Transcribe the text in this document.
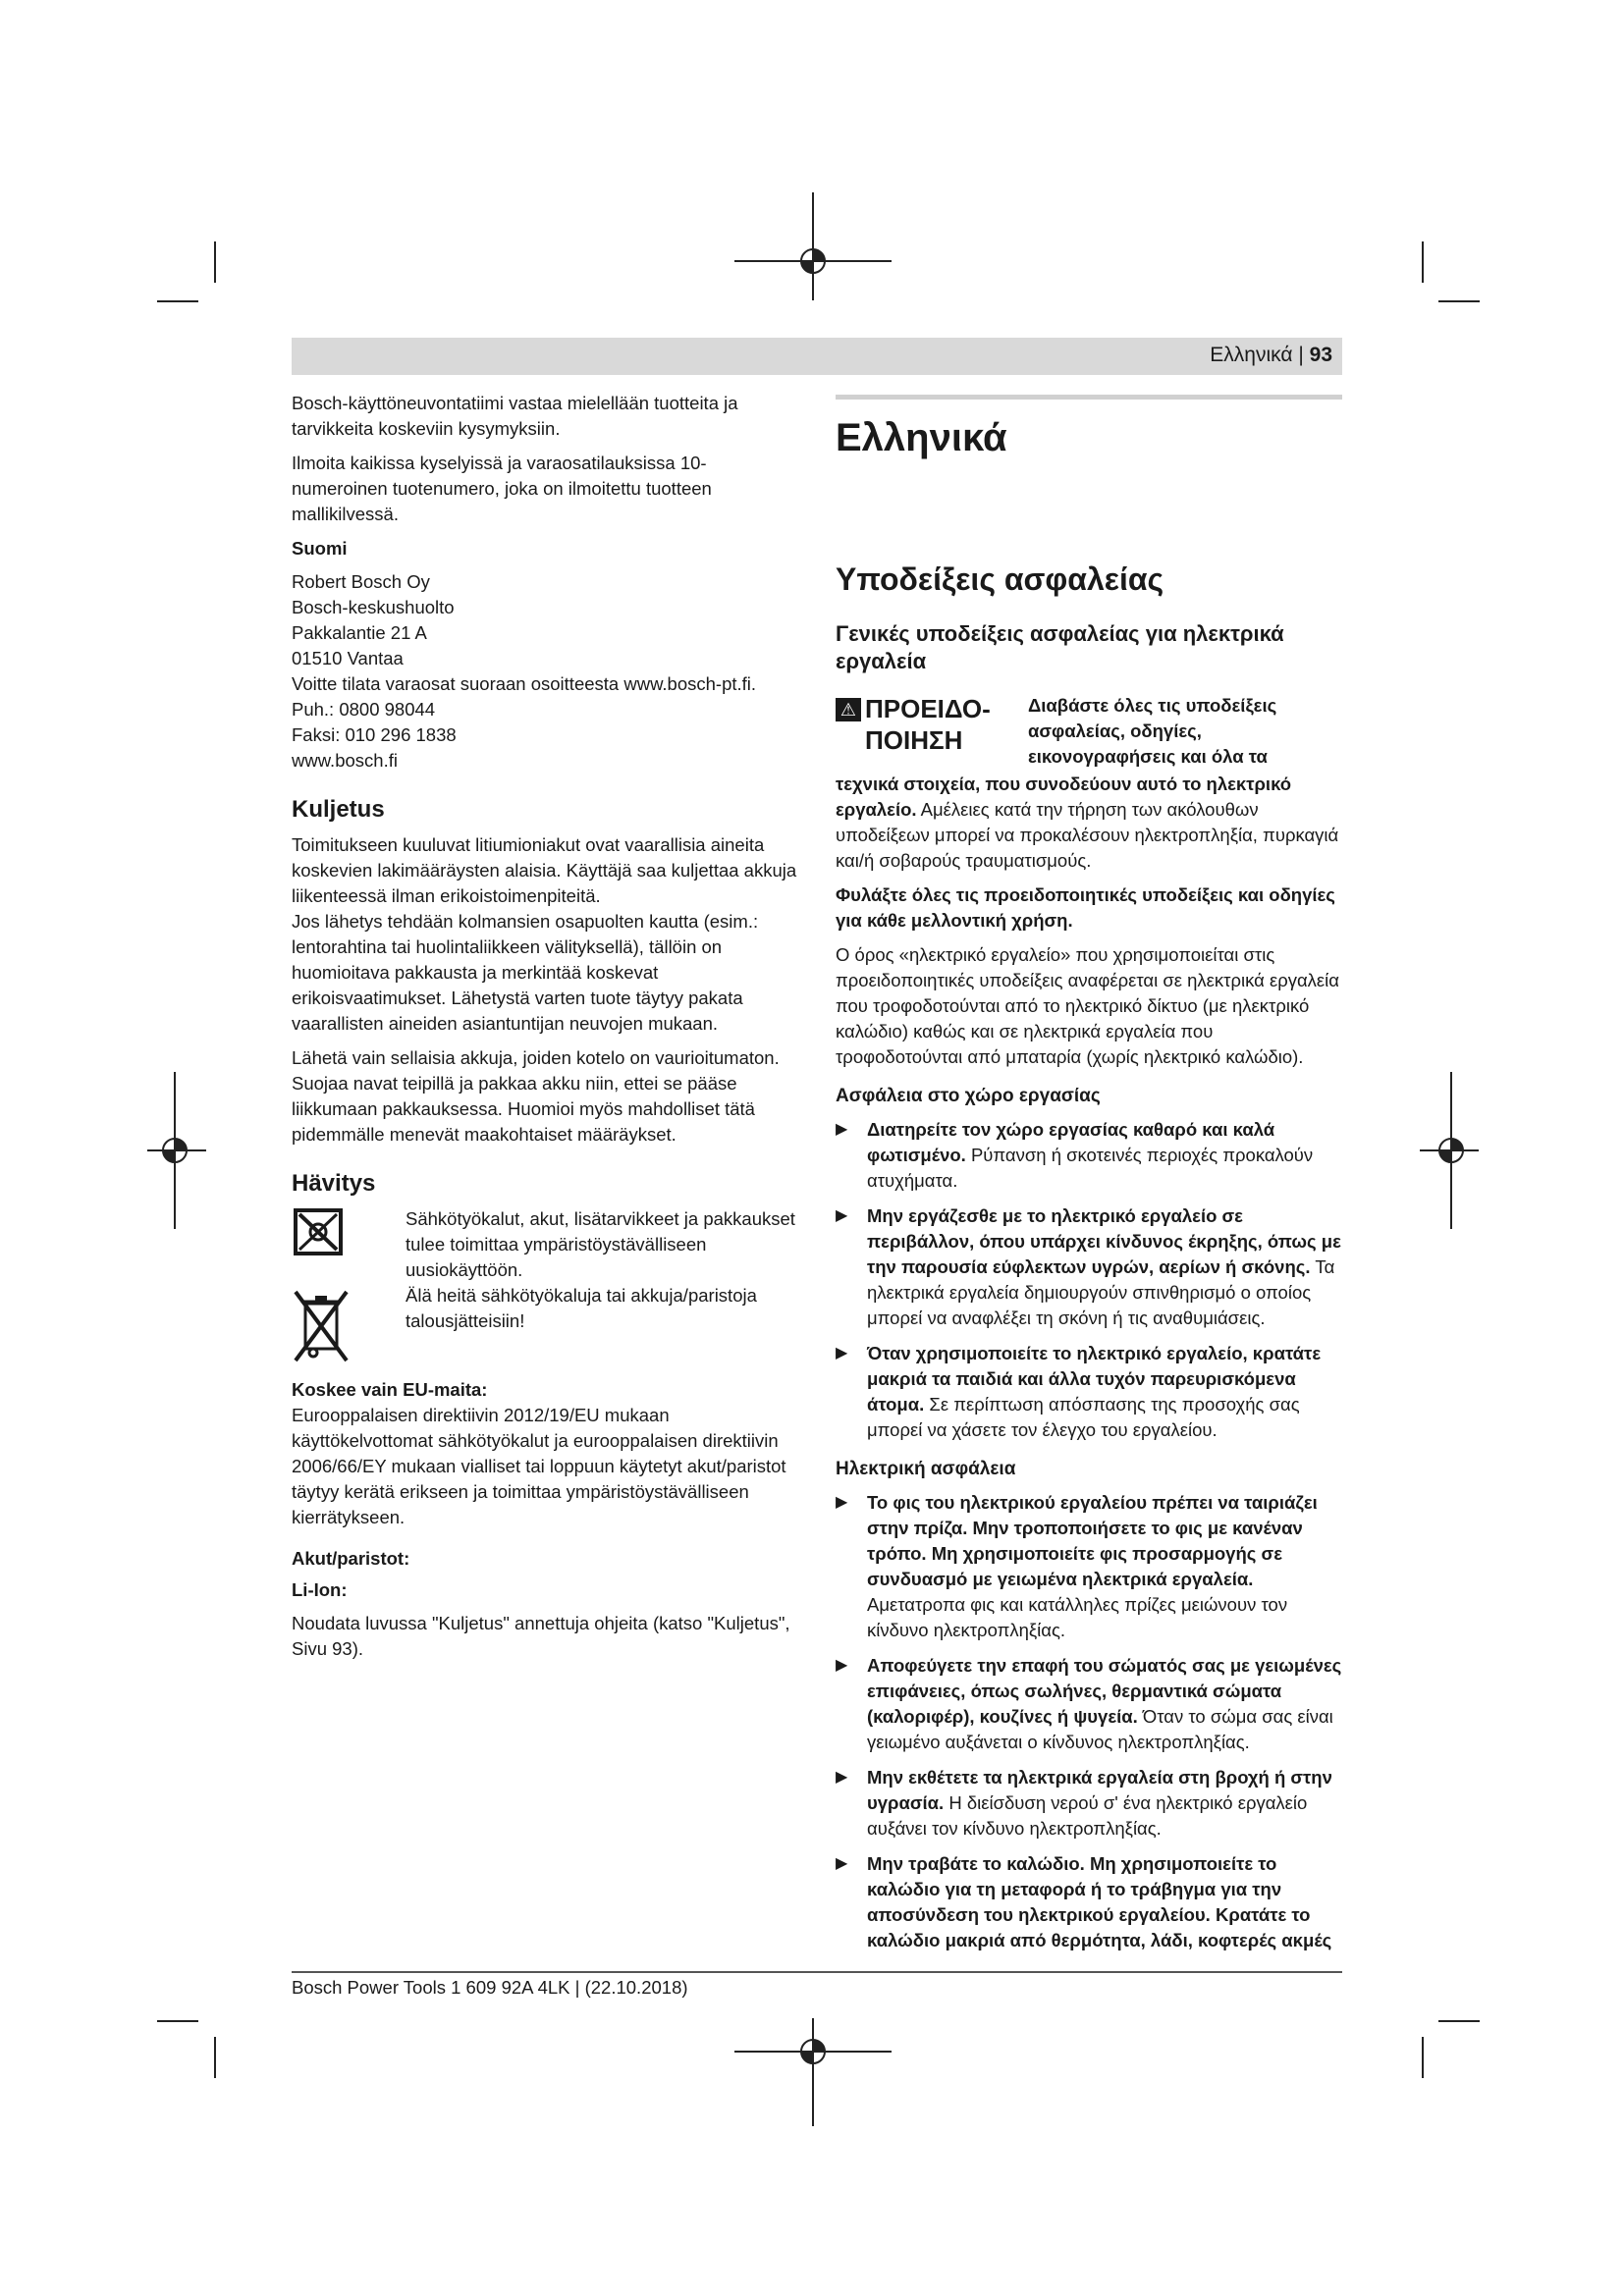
Ελληνικά | 93

Bosch-käyttöneuvontatiimi vastaa mielellään tuotteita ja tarvikkeita koskeviin kysymyksiin.

Ilmoita kaikissa kyselyissä ja varaosatilauksissa 10-numeroinen tuotenumero, joka on ilmoitettu tuotteen mallikilvessä.

Suomi
Robert Bosch Oy
Bosch-keskushuolto
Pakkalantie 21 A
01510 Vantaa
Voitte tilata varaosat suoraan osoitteesta www.bosch-pt.fi.
Puh.: 0800 98044
Faksi: 010 296 1838
www.bosch.fi
Kuljetus

Toimitukseen kuuluvat litiumioniakut ovat vaarallisia aineita koskevien lakimääräysten alaisia. Käyttäjä saa kuljettaa akkuja liikenteessä ilman erikoistoimenpiteitä.

Jos lähetys tehdään kolmansien osapuolten kautta (esim.: lentorahtina tai huolintaliikkeen välityksellä), tällöin on huomioitava pakkausta ja merkintää koskevat erikoisvaatimukset. Lähetystä varten tuote täytyy pakata vaarallisten aineiden asiantuntijan neuvojen mukaan.

Lähetä vain sellaisia akkuja, joiden kotelo on vaurioitumaton. Suojaa navat teipillä ja pakkaa akku niin, ettei se pääse liikkumaan pakkauksessa. Huomioi myös mahdolliset tätä pidemmälle menevät maakohtaiset määräykset.

Hävitys

Sähkötyökalut, akut, lisätarvikkeet ja pakkaukset tulee toimittaa ympäristöystävälliseen uusiokäyttöön.

Älä heitä sähkötyökaluja tai akkuja/paristoja talousjätteisiin!

Koskee vain EU-maita:

Eurooppalaisen direktiivin 2012/19/EU mukaan käyttökelvottomat sähkötyökalut ja eurooppalaisen direktiivin 2006/66/EY mukaan vialliset tai loppuun käytetyt akut/paristot täytyy kerätä erikseen ja toimittaa ympäristöystävälliseen kierrätykseen.

Akut/paristot:
Li-Ion:

Noudata luvussa "Kuljetus" annettuja ohjeita (katso "Kuljetus", Sivu 93).

Ελληνικά
Υποδείξεις ασφαλείας
Γενικές υποδείξεις ασφαλείας για ηλεκτρικά εργαλεία
⚠ ΠΡΟΕΙΔΟ-ΠΟΙΗΣΗ
Διαβάστε όλες τις υποδείξεις ασφαλείας, οδηγίες, εικονογραφήσεις και όλα τα

τεχνικά στοιχεία, που συνοδεύουν αυτό το ηλεκτρικό εργαλείο. Αμέλειες κατά την τήρηση των ακόλουθων υποδείξεων μπορεί να προκαλέσουν ηλεκτροπληξία, πυρκαγιά και/ή σοβαρούς τραυματισμούς.

Φυλάξτε όλες τις προειδοποιητικές υποδείξεις και οδηγίες για κάθε μελλοντική χρήση.

Ο όρος «ηλεκτρικό εργαλείο» που χρησιμοποιείται στις προειδοποιητικές υποδείξεις αναφέρεται σε ηλεκτρικά εργαλεία που τροφοδοτούνται από το ηλεκτρικό δίκτυο (με ηλεκτρικό καλώδιο) καθώς και σε ηλεκτρικά εργαλεία που τροφοδοτούνται από μπαταρία (χωρίς ηλεκτρικό καλώδιο).

Ασφάλεια στο χώρο εργασίας
▶ Διατηρείτε τον χώρο εργασίας καθαρό και καλά φωτισμένο. Ρύπανση ή σκοτεινές περιοχές προκαλούν ατυχήματα.
▶ Μην εργάζεσθε με το ηλεκτρικό εργαλείο σε περιβάλλον, όπου υπάρχει κίνδυνος έκρηξης, όπως με την παρουσία εύφλεκτων υγρών, αερίων ή σκόνης. Τα ηλεκτρικά εργαλεία δημιουργούν σπινθηρισμό ο οποίος μπορεί να αναφλέξει τη σκόνη ή τις αναθυμιάσεις.
▶ Όταν χρησιμοποιείτε το ηλεκτρικό εργαλείο, κρατάτε μακριά τα παιδιά και άλλα τυχόν παρευρισκόμενα άτομα. Σε περίπτωση απόσπασης της προσοχής σας μπορεί να χάσετε τον έλεγχο του εργαλείου.
Ηλεκτρική ασφάλεια
▶ Το φις του ηλεκτρικού εργαλείου πρέπει να ταιριάζει στην πρίζα. Μην τροποποιήσετε το φις με κανέναν τρόπο. Μη χρησιμοποιείτε φις προσαρμογής σε συνδυασμό με γειωμένα ηλεκτρικά εργαλεία. Αμετατροπα φις και κατάλληλες πρίζες μειώνουν τον κίνδυνο ηλεκτροπληξίας.
▶ Αποφεύγετε την επαφή του σώματός σας με γειωμένες επιφάνειες, όπως σωλήνες, θερμαντικά σώματα (καλοριφέρ), κουζίνες ή ψυγεία. Όταν το σώμα σας είναι γειωμένο αυξάνεται ο κίνδυνος ηλεκτροπληξίας.
▶ Μην εκθέτετε τα ηλεκτρικά εργαλεία στη βροχή ή στην υγρασία. Η διείσδυση νερού σ' ένα ηλεκτρικό εργαλείο αυξάνει τον κίνδυνο ηλεκτροπληξίας.
▶ Μην τραβάτε το καλώδιο. Μη χρησιμοποιείτε το καλώδιο για τη μεταφορά ή το τράβηγμα για την αποσύνδεση του ηλεκτρικού εργαλείου. Κρατάτε το καλώδιο μακριά από θερμότητα, λάδι, κοφτερές ακμές
Bosch Power Tools 1 609 92A 4LK | (22.10.2018)
